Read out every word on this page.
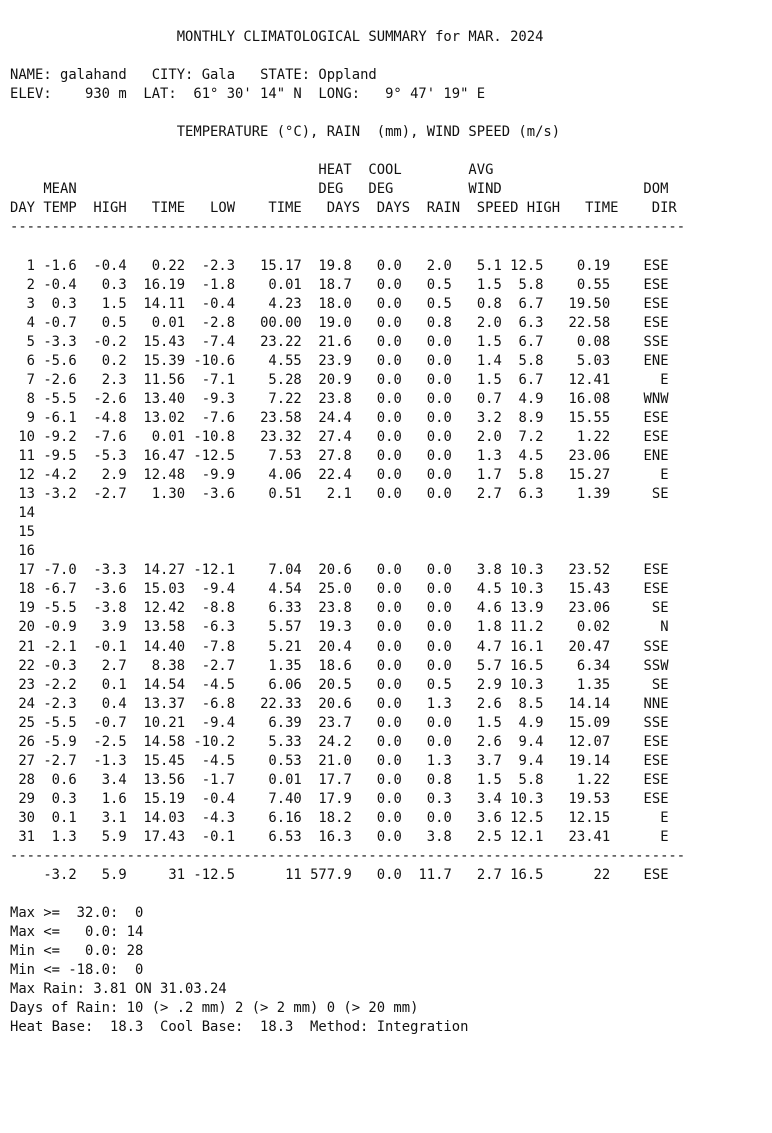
MONTHLY CLIMATOLOGICAL SUMMARY for MAR. 2024
NAME: galahand   CITY: Gala   STATE: Oppland
ELEV:    930 m  LAT:  61° 30' 14" N  LONG:   9° 47' 19" E
TEMPERATURE (°C), RAIN  (mm), WIND SPEED (m/s)
HEAT  COOL        AVG
MEAN                             DEG   DEG         WIND                 DOM
DAY TEMP  HIGH   TIME   LOW    TIME   DAYS  DAYS  RAIN  SPEED HIGH   TIME    DIR
---------------------------------------------------------------------------------
1 -1.6  -0.4   0.22  -2.3   15.17  19.8   0.0   2.0   5.1 12.5    0.19    ESE
2 -0.4   0.3  16.19  -1.8    0.01  18.7   0.0   0.5   1.5  5.8    0.55    ESE
3  0.3   1.5  14.11  -0.4    4.23  18.0   0.0   0.5   0.8  6.7   19.50    ESE
4 -0.7   0.5   0.01  -2.8   00.00  19.0   0.0   0.8   2.0  6.3   22.58    ESE
5 -3.3  -0.2  15.43  -7.4   23.22  21.6   0.0   0.0   1.5  6.7    0.08    SSE
6 -5.6   0.2  15.39 -10.6    4.55  23.9   0.0   0.0   1.4  5.8    5.03    ENE
7 -2.6   2.3  11.56  -7.1    5.28  20.9   0.0   0.0   1.5  6.7   12.41      E
8 -5.5  -2.6  13.40  -9.3    7.22  23.8   0.0   0.0   0.7  4.9   16.08    WNW
9 -6.1  -4.8  13.02  -7.6   23.58  24.4   0.0   0.0   3.2  8.9   15.55    ESE
10 -9.2  -7.6   0.01 -10.8   23.32  27.4   0.0   0.0   2.0  7.2    1.22    ESE
11 -9.5  -5.3  16.47 -12.5    7.53  27.8   0.0   0.0   1.3  4.5   23.06    ENE
12 -4.2   2.9  12.48  -9.9    4.06  22.4   0.0   0.0   1.7  5.8   15.27      E
13 -3.2  -2.7   1.30  -3.6    0.51   2.1   0.0   0.0   2.7  6.3    1.39     SE
14
15
16
17 -7.0  -3.3  14.27 -12.1    7.04  20.6   0.0   0.0   3.8 10.3   23.52    ESE
18 -6.7  -3.6  15.03  -9.4    4.54  25.0   0.0   0.0   4.5 10.3   15.43    ESE
19 -5.5  -3.8  12.42  -8.8    6.33  23.8   0.0   0.0   4.6 13.9   23.06     SE
20 -0.9   3.9  13.58  -6.3    5.57  19.3   0.0   0.0   1.8 11.2    0.02      N
21 -2.1  -0.1  14.40  -7.8    5.21  20.4   0.0   0.0   4.7 16.1   20.47    SSE
22 -0.3   2.7   8.38  -2.7    1.35  18.6   0.0   0.0   5.7 16.5    6.34    SSW
23 -2.2   0.1  14.54  -4.5    6.06  20.5   0.0   0.5   2.9 10.3    1.35     SE
24 -2.3   0.4  13.37  -6.8   22.33  20.6   0.0   1.3   2.6  8.5   14.14    NNE
25 -5.5  -0.7  10.21  -9.4    6.39  23.7   0.0   0.0   1.5  4.9   15.09    SSE
26 -5.9  -2.5  14.58 -10.2    5.33  24.2   0.0   0.0   2.6  9.4   12.07    ESE
27 -2.7  -1.3  15.45  -4.5    0.53  21.0   0.0   1.3   3.7  9.4   19.14    ESE
28  0.6   3.4  13.56  -1.7    0.01  17.7   0.0   0.8   1.5  5.8    1.22    ESE
29  0.3   1.6  15.19  -0.4    7.40  17.9   0.0   0.3   3.4 10.3   19.53    ESE
30  0.1   3.1  14.03  -4.3    6.16  18.2   0.0   0.0   3.6 12.5   12.15      E
31  1.3   5.9  17.43  -0.1    6.53  16.3   0.0   3.8   2.5 12.1   23.41      E
---------------------------------------------------------------------------------
-3.2   5.9     31 -12.5      11 577.9   0.0  11.7   2.7 16.5      22    ESE
Max >=  32.0:  0
Max <=   0.0: 14
Min <=   0.0: 28
Min <= -18.0:  0
Max Rain: 3.81 ON 31.03.24
Days of Rain: 10 (> .2 mm) 2 (> 2 mm) 0 (> 20 mm)
Heat Base:  18.3  Cool Base:  18.3  Method: Integration
